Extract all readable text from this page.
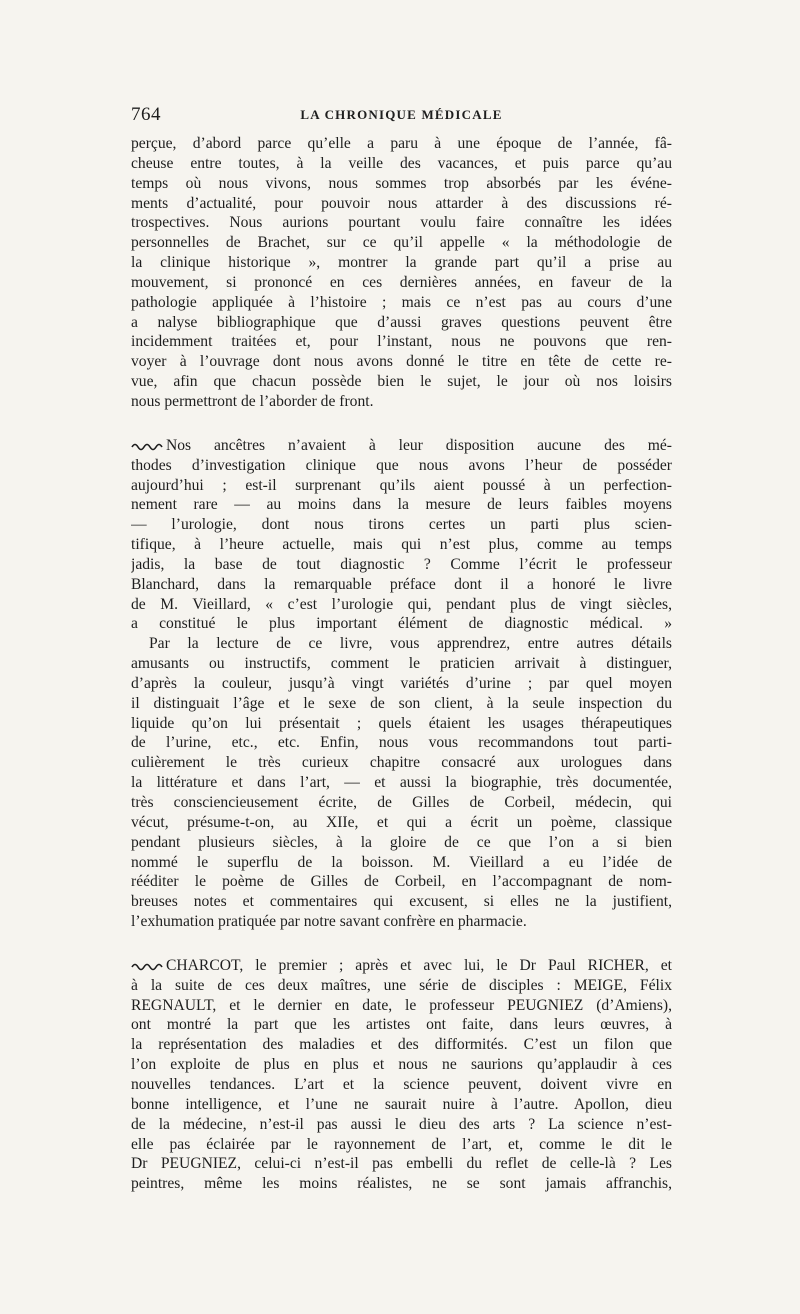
764	LA CHRONIQUE MÉDICALE
perçue, d’abord parce qu’elle a paru à une époque de l’année, fâ-
cheuse entre toutes, à la veille des vacances, et puis parce qu’au
temps où nous vivons, nous sommes trop absorbés par les événe-
ments d’actualité, pour pouvoir nous attarder à des discussions ré-
trospectives. Nous aurions pourtant voulu faire connaître les idées
personnelles de Brachet, sur ce qu’il appelle « la méthodologie de
la clinique historique », montrer la grande part qu’il a prise au
mouvement, si prononcé en ces dernières années, en faveur de la
pathologie appliquée à l’histoire ; mais ce n’est pas au cours d’une
a nalyse bibliographique que d’aussi graves questions peuvent être
incidemment traitées et, pour l’instant, nous ne pouvons que ren-
voyer à l’ouvrage dont nous avons donné le titre en tête de cette re-
vue, afin que chacun possède bien le sujet, le jour où nos loisirs
nous permettront de l’aborder de front.
Nos ancêtres n’avaient à leur disposition aucune des mé-
thodes d’investigation clinique que nous avons l’heur de posséder
aujourd’hui ; est-il surprenant qu’ils aient poussé à un perfection-
nement rare — au moins dans la mesure de leurs faibles moyens
— l’urologie, dont nous tirons certes un parti plus scien-
tifique, à l’heure actuelle, mais qui n’est plus, comme au temps
jadis, la base de tout diagnostic ? Comme l’écrit le professeur
Blanchard, dans la remarquable préface dont il a honoré le livre
de M. Vieillard, « c’est l’urologie qui, pendant plus de vingt siècles,
a constitué le plus important élément de diagnostic médical. »
Par la lecture de ce livre, vous apprendrez, entre autres détails
amusants ou instructifs, comment le praticien arrivait à distinguer,
d’après la couleur, jusqu’à vingt variétés d’urine ; par quel moyen
il distinguait l’âge et le sexe de son client, à la seule inspection du
liquide qu’on lui présentait ; quels étaient les usages thérapeutiques
de l’urine, etc., etc. Enfin, nous vous recommandons tout parti-
culièrement le très curieux chapitre consacré aux urologues dans
la littérature et dans l’art, — et aussi la biographie, très documentée,
très consciencieusement écrite, de Gilles de Corbeil, médecin, qui
vécut, présume-t-on, au XIIe, et qui a écrit un poème, classique
pendant plusieurs siècles, à la gloire de ce que l’on a si bien
nommé le superflu de la boisson. M. Vieillard a eu l’idée de
rééditer le poème de Gilles de Corbeil, en l’accompagnant de nom-
breuses notes et commentaires qui excusent, si elles ne la justifient,
l’exhumation pratiquée par notre savant confrère en pharmacie.
CHARCOT, le premier ; après et avec lui, le Dr Paul RICHER, et
à la suite de ces deux maîtres, une série de disciples : MEIGE, Félix
REGNAULT, et le dernier en date, le professeur PEUGNIEZ (d’Amiens),
ont montré la part que les artistes ont faite, dans leurs œuvres, à
la représentation des maladies et des difformités. C’est un filon que
l’on exploite de plus en plus et nous ne saurions qu’applaudir à ces
nouvelles tendances. L’art et la science peuvent, doivent vivre en
bonne intelligence, et l’une ne saurait nuire à l’autre. Apollon, dieu
de la médecine, n’est-il pas aussi le dieu des arts ? La science n’est-
elle pas éclairée par le rayonnement de l’art, et, comme le dit le
Dr PEUGNIEZ, celui-ci n’est-il pas embelli du reflet de celle-là ? Les
peintres, même les moins réalistes, ne se sont jamais affranchis,
